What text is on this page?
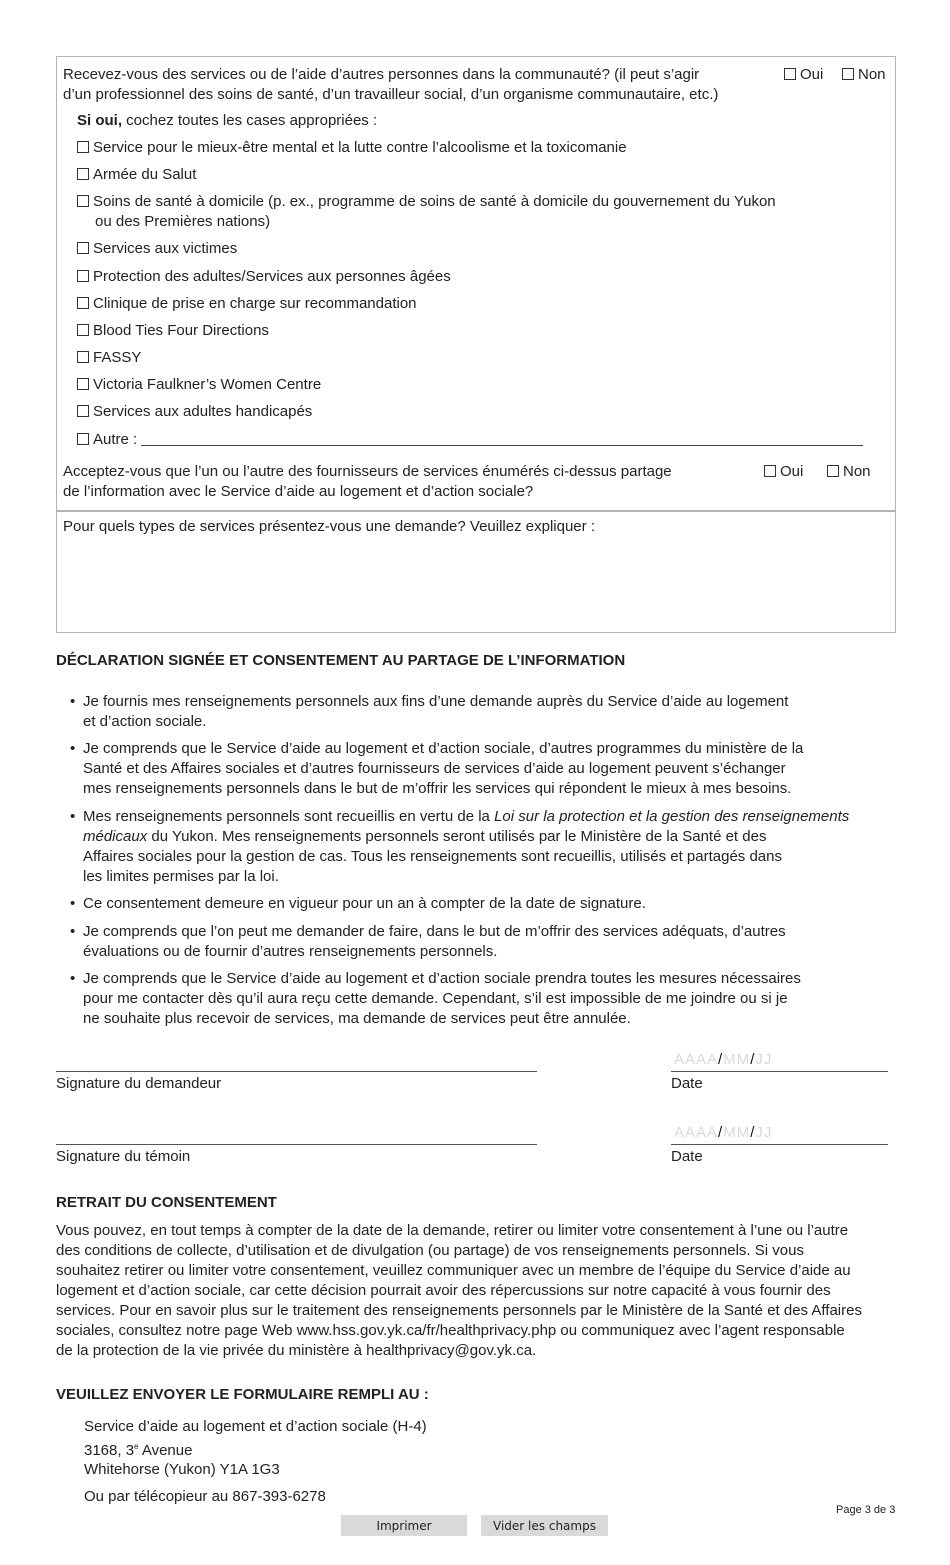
Recevez-vous des services ou de l’aide d’autres personnes dans la communauté? (il peut s’agir
d’un professionnel des soins de santé, d’un travailleur social, d’un organisme communautaire, etc.)
Oui	Non
Si oui, cochez toutes les cases appropriées :
Service pour le mieux-être mental et la lutte contre l’alcoolisme et la toxicomanie
Armée du Salut
Soins de santé à domicile (p. ex., programme de soins de santé à domicile du gouvernement du Yukon
ou des Premières nations)
Services aux victimes
Protection des adultes/Services aux personnes âgées
Clinique de prise en charge sur recommandation
Blood Ties Four Directions
FASSY
Victoria Faulkner’s Women Centre
Services aux adultes handicapés
Autre :
Acceptez-vous que l’un ou l’autre des fournisseurs de services énumérés ci-dessus partage
de l’information avec le Service d’aide au logement et d’action sociale?
Oui	Non
Pour quels types de services présentez-vous une demande? Veuillez expliquer :
DÉCLARATION SIGNÉE ET CONSENTEMENT AU PARTAGE DE L’INFORMATION
• Je fournis mes renseignements personnels aux fins d’une demande auprès du Service d’aide au logement
et d’action sociale.
• Je comprends que le Service d’aide au logement et d’action sociale, d’autres programmes du ministère de la
Santé et des Affaires sociales et d’autres fournisseurs de services d’aide au logement peuvent s’échanger
mes renseignements personnels dans le but de m’offrir les services qui répondent le mieux à mes besoins.
• Mes renseignements personnels sont recueillis en vertu de la Loi sur la protection et la gestion des renseignements
médicaux du Yukon. Mes renseignements personnels seront utilisés par le Ministère de la Santé et des
Affaires sociales pour la gestion de cas. Tous les renseignements sont recueillis, utilisés et partagés dans
les limites permises par la loi.
• Ce consentement demeure en vigueur pour un an à compter de la date de signature.
• Je comprends que l’on peut me demander de faire, dans le but de m’offrir des services adéquats, d’autres
évaluations ou de fournir d’autres renseignements personnels.
• Je comprends que le Service d’aide au logement et d’action sociale prendra toutes les mesures nécessaires
pour me contacter dès qu’il aura reçu cette demande. Cependant, s’il est impossible de me joindre ou si je
ne souhaite plus recevoir de services, ma demande de services peut être annulée.
Signature du demandeur
AAAA/MM/JJ
Date
Signature du témoin
AAAA/MM/JJ
Date
RETRAIT DU CONSENTEMENT
Vous pouvez, en tout temps à compter de la date de la demande, retirer ou limiter votre consentement à l’une ou l’autre
des conditions de collecte, d’utilisation et de divulgation (ou partage) de vos renseignements personnels. Si vous
souhaitez retirer ou limiter votre consentement, veuillez communiquer avec un membre de l’équipe du Service d’aide au
logement et d’action sociale, car cette décision pourrait avoir des répercussions sur notre capacité à vous fournir des
services. Pour en savoir plus sur le traitement des renseignements personnels par le Ministère de la Santé et des Affaires
sociales, consultez notre page Web www.hss.gov.yk.ca/fr/healthprivacy.php ou communiquez avec l’agent responsable
de la protection de la vie privée du ministère à healthprivacy@gov.yk.ca.
VEUILLEZ ENVOYER LE FORMULAIRE REMPLI AU :
Service d’aide au logement et d’action sociale (H-4)
3168, 3e Avenue
Whitehorse (Yukon) Y1A 1G3
Ou par télécopieur au 867-393-6278
Page 3 de 3
Imprimer	Vider les champs
